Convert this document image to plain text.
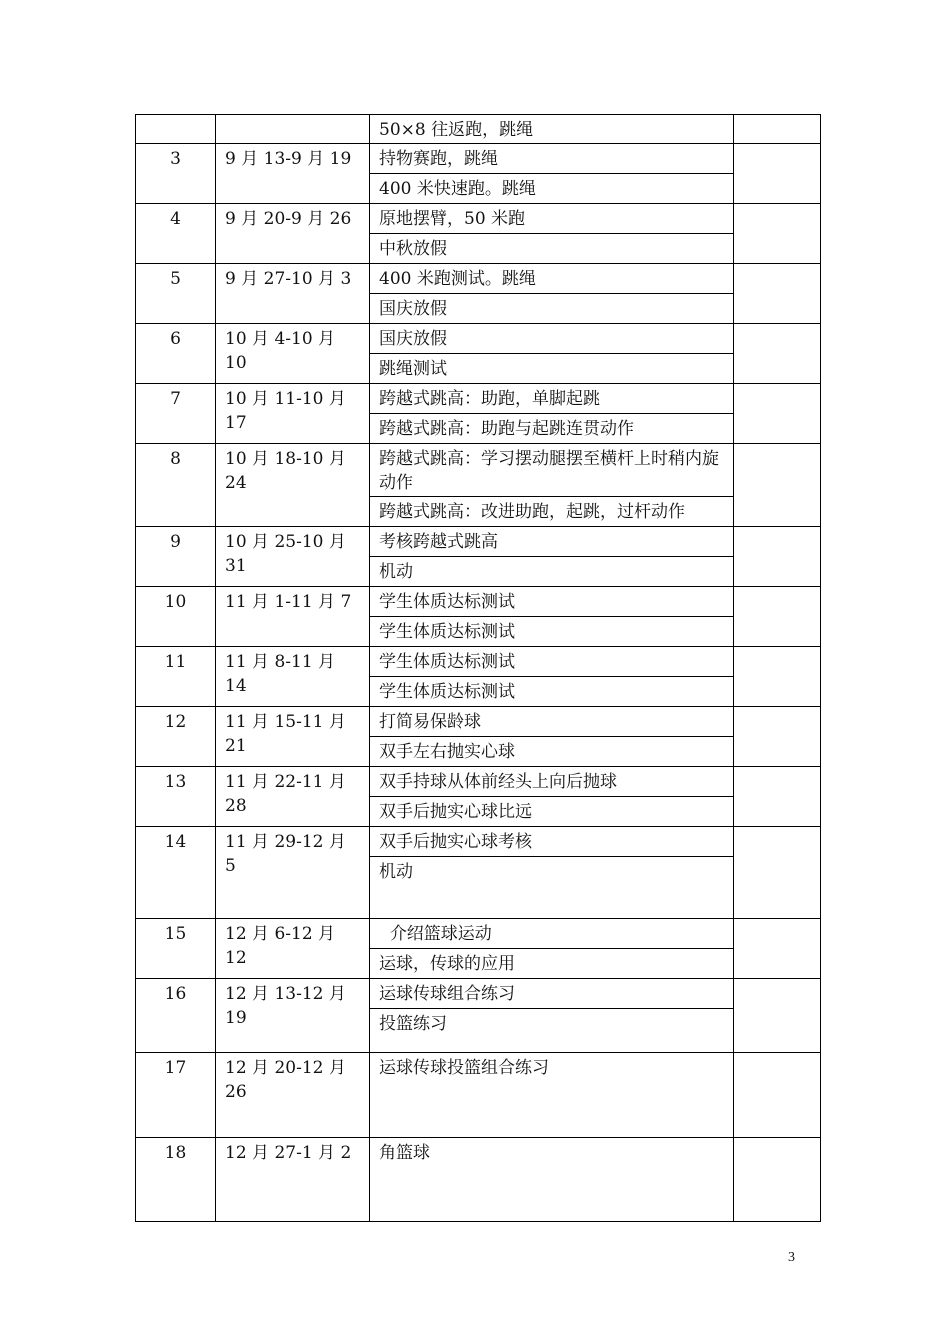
		50×8 往返跑，跳绳	

3	9 月 13-9 月 19	持物赛跑，跳绳
400 米快速跑。跳绳	

4	9 月 20-9 月 26	原地摆臂，50 米跑
中秋放假	

5	9 月 27-10 月 3	400 米跑测试。跳绳
国庆放假	

6	10 月 4-10 月 10	国庆放假
跳绳测试	

7	10 月 11-10 月 17	跨越式跳高：助跑，单脚起跳
跨越式跳高：助跑与起跳连贯动作	

8	10 月 18-10 月 24	跨越式跳高：学习摆动腿摆至横杆上时稍内旋动作
跨越式跳高：改进助跑，起跳，过杆动作	

9	10 月 25-10 月 31	考核跨越式跳高
机动	

10	11 月 1-11 月 7	学生体质达标测试
学生体质达标测试	

11	11 月 8-11 月 14	学生体质达标测试
学生体质达标测试	

12	11 月 15-11 月 21	打简易保龄球
双手左右抛实心球	

13	11 月 22-11 月 28	双手持球从体前经头上向后抛球
双手后抛实心球比远	

14	11 月 29-12 月 5	双手后抛实心球考核
机动	

15	12 月 6-12 月 12	介绍篮球运动
运球，传球的应用	

16	12 月 13-12 月 19	运球传球组合练习
投篮练习	

17	12 月 20-12 月 26	运球传球投篮组合练习	

18	12 月 27-1 月 2	角篮球	

3
